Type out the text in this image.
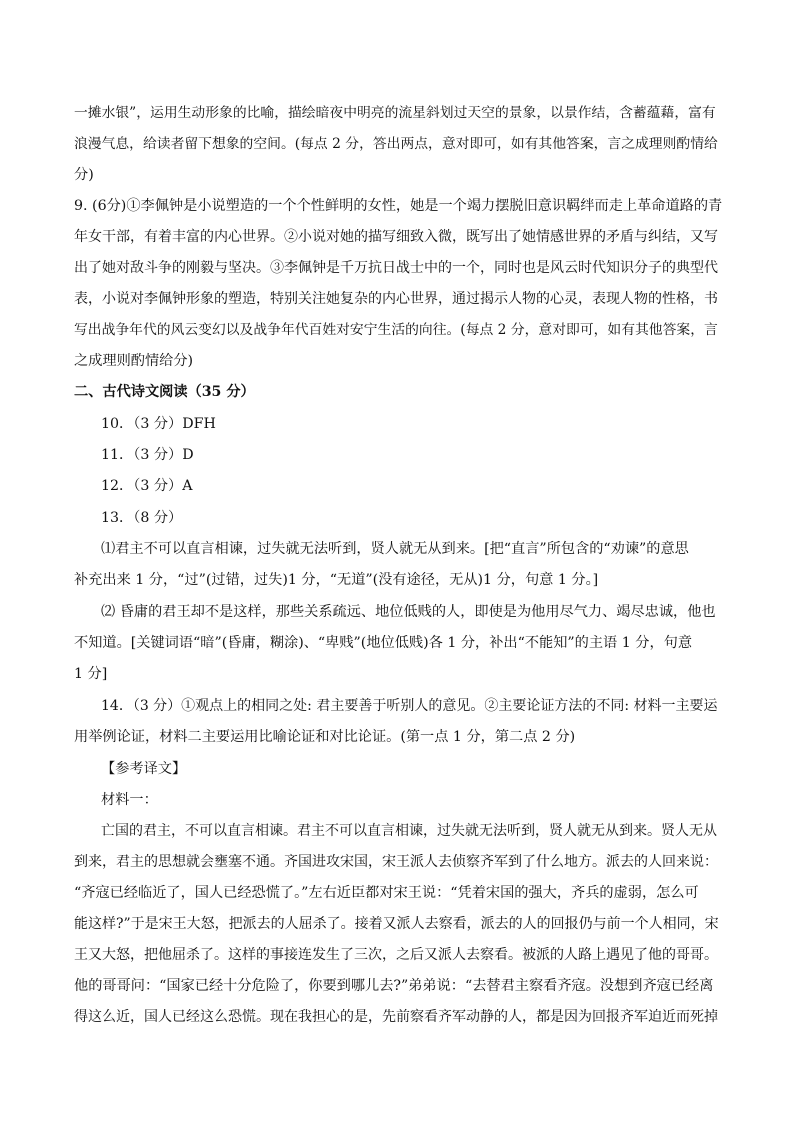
一摊水银”，运用生动形象的比喻，描绘暗夜中明亮的流星斜划过天空的景象，以景作结，含蓄蕴藉，富有
浪漫气息，给读者留下想象的空间。(每点 2 分，答出两点，意对即可，如有其他答案，言之成理则酌情给
分)
9. (6分)①李佩钟是小说塑造的一个个性鲜明的女性，她是一个竭力摆脱旧意识羁绊而走上革命道路的青
年女干部，有着丰富的内心世界。②小说对她的描写细致入微，既写出了她情感世界的矛盾与纠结，又写
出了她对敌斗争的刚毅与坚决。③李佩钟是千万抗日战士中的一个，同时也是风云时代知识分子的典型代
表，小说对李佩钟形象的塑造，特别关注她复杂的内心世界，通过揭示人物的心灵，表现人物的性格，书
写出战争年代的风云变幻以及战争年代百姓对安宁生活的向往。(每点 2 分，意对即可，如有其他答案，言
之成理则酌情给分)
二、古代诗文阅读（35 分）
10．（3 分）DFH
11．（3 分）D
12．（3 分）A
13．（8 分）
⑴君主不可以直言相谏，过失就无法听到，贤人就无从到来。[把“直言”所包含的“劝谏”的意思
补充出来 1 分，“过”(过错，过失)1 分，“无道”(没有途径，无从)1 分，句意 1 分。]
⑵ 昏庸的君王却不是这样，那些关系疏远、地位低贱的人，即使是为他用尽气力、竭尽忠诚，他也
不知道。[关键词语“暗”(昏庸，糊涂)、“卑贱”(地位低贱)各 1 分，补出“不能知”的主语 1 分，句意
1 分]
14．（3 分）①观点上的相同之处: 君主要善于听别人的意见。②主要论证方法的不同: 材料一主要运
用举例论证，材料二主要运用比喻论证和对比论证。(第一点 1 分，第二点 2 分)
【参考译文】
材料一：
亡国的君主，不可以直言相谏。君主不可以直言相谏，过失就无法听到，贤人就无从到来。贤人无从
到来，君主的思想就会壅塞不通。齐国进攻宋国，宋王派人去侦察齐军到了什么地方。派去的人回来说：
“齐寇已经临近了，国人已经恐慌了。”左右近臣都对宋王说：“凭着宋国的强大，齐兵的虚弱，怎么可
能这样?”于是宋王大怒，把派去的人屈杀了。接着又派人去察看，派去的人的回报仍与前一个人相同，宋
王又大怒，把他屈杀了。这样的事接连发生了三次，之后又派人去察看。被派的人路上遇见了他的哥哥。
他的哥哥问：“国家已经十分危险了，你要到哪儿去?”弟弟说：“去替君主察看齐寇。没想到齐寇已经离
得这么近，国人已经这么恐慌。现在我担心的是，先前察看齐军动静的人，都是因为回报齐军迫近而死掉
